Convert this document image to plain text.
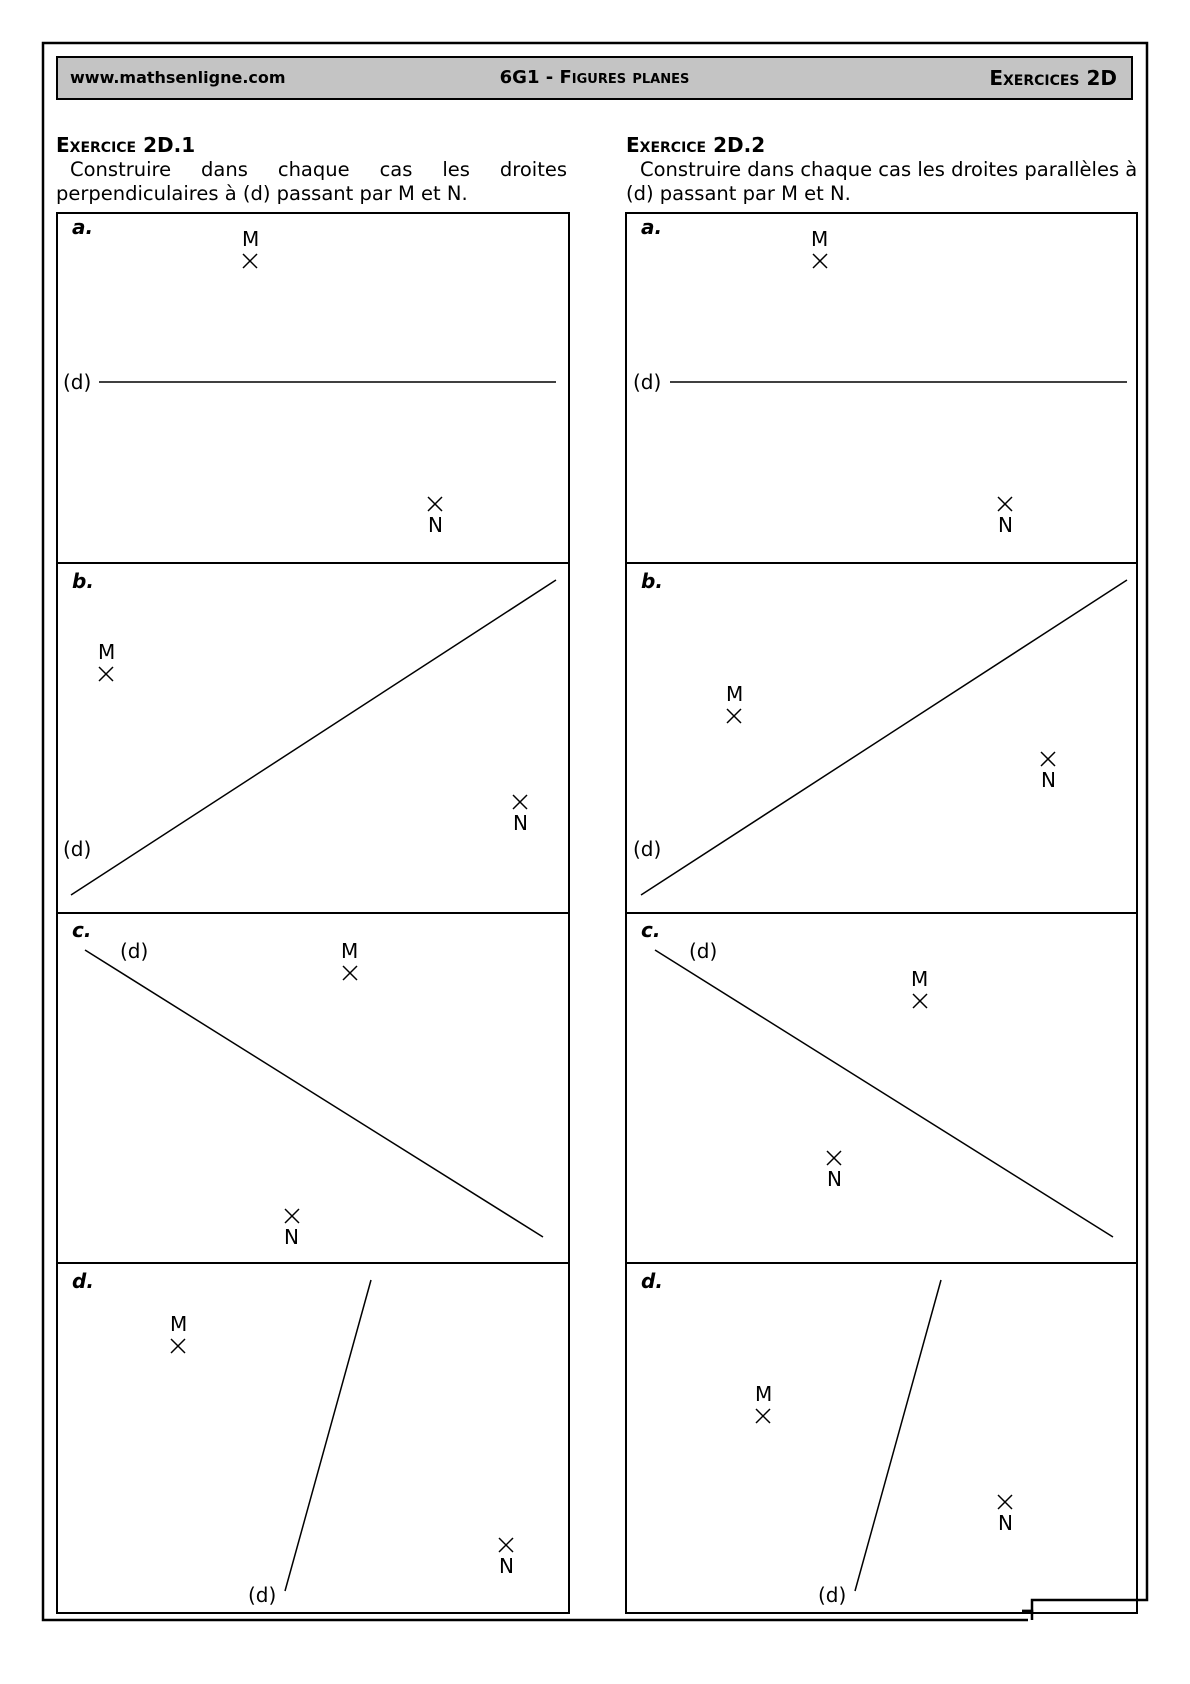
www.mathsenligne.com	6G1 - Figures planes	Exercices 2D
Exercice 2D.1
Construire dans chaque cas les droites
perpendiculaires à (d) passant par M et N.
Exercice 2D.2
Construire dans chaque cas les droites parallèles à
(d) passant par M et N.
a.
b.
c.
d.
a.
b.
c.
d.
(d)
(d)
(d)
(d)
(d)
(d)
(d)
(d)
M
N
M
N
M
N
M
N
M
N
M
N
M
N
M
N
